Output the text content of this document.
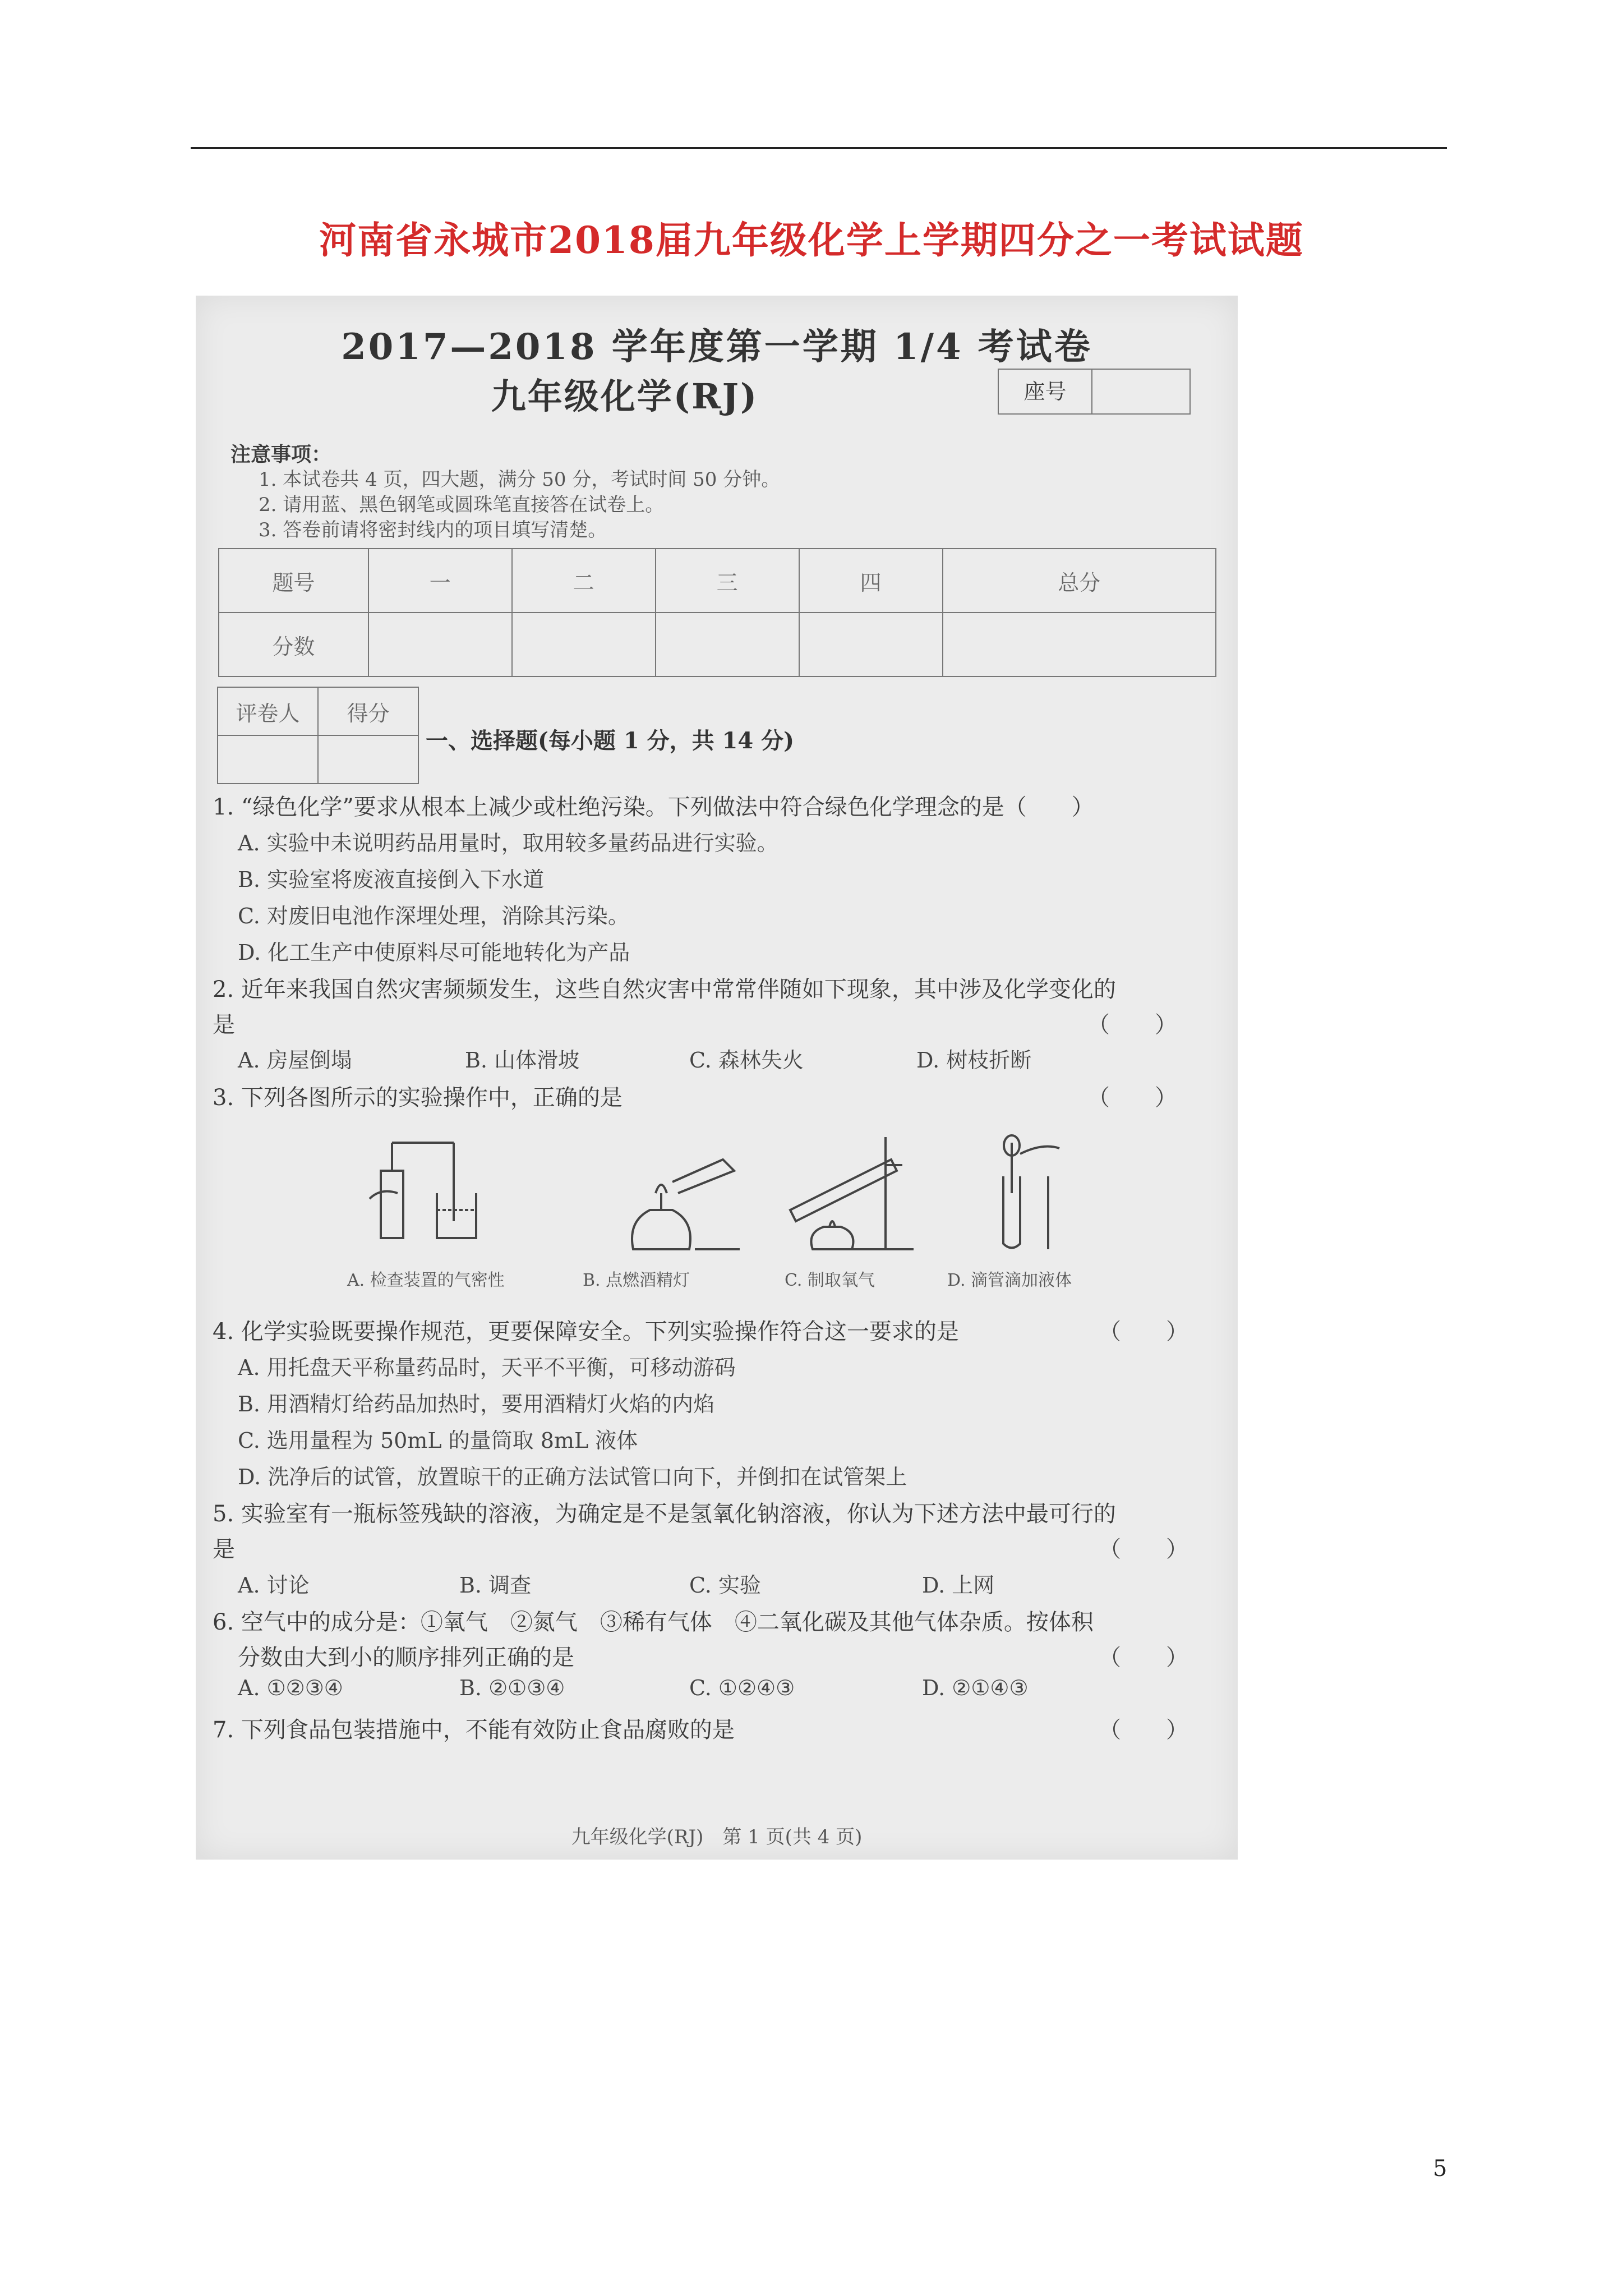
河南省永城市2018届九年级化学上学期四分之一考试试题
2017—2018 学年度第一学期 1/4 考试卷
九年级化学(RJ)	座号
注意事项：
1. 本试卷共 4 页，四大题，满分 50 分，考试时间 50 分钟。
2. 请用蓝、黑色钢笔或圆珠笔直接答在试卷上。
3. 答卷前请将密封线内的项目填写清楚。
题号	一	二	三	四	总分
分数					
评卷人	得分

一、选择题(每小题 1 分，共 14 分)
1. “绿色化学”要求从根本上减少或杜绝污染。下列做法中符合绿色化学理念的是（　　）
A. 实验中未说明药品用量时，取用较多量药品进行实验。
B. 实验室将废液直接倒入下水道
C. 对废旧电池作深埋处理，消除其污染。
D. 化工生产中使原料尽可能地转化为产品
2. 近年来我国自然灾害频频发生，这些自然灾害中常常伴随如下现象，其中涉及化学变化的
是	（　　）
A. 房屋倒塌	B. 山体滑坡	C. 森林失火	D. 树枝折断
3. 下列各图所示的实验操作中，正确的是	（　　）
A. 检查装置的气密性	B. 点燃酒精灯	C. 制取氧气	D. 滴管滴加液体
4. 化学实验既要操作规范，更要保障安全。下列实验操作符合这一要求的是	（　　）
A. 用托盘天平称量药品时，天平不平衡，可移动游码
B. 用酒精灯给药品加热时，要用酒精灯火焰的内焰
C. 选用量程为 50mL 的量筒取 8mL 液体
D. 洗净后的试管，放置晾干的正确方法试管口向下，并倒扣在试管架上
5. 实验室有一瓶标签残缺的溶液，为确定是不是氢氧化钠溶液，你认为下述方法中最可行的
是	（　　）
A. 讨论	B. 调查	C. 实验	D. 上网
6. 空气中的成分是：①氧气　②氮气　③稀有气体　④二氧化碳及其他气体杂质。按体积
分数由大到小的顺序排列正确的是	（　　）
A. ①②③④	B. ②①③④	C. ①②④③	D. ②①④③
7. 下列食品包装措施中，不能有效防止食品腐败的是	（　　）
九年级化学(RJ)　第 1 页(共 4 页)
5
